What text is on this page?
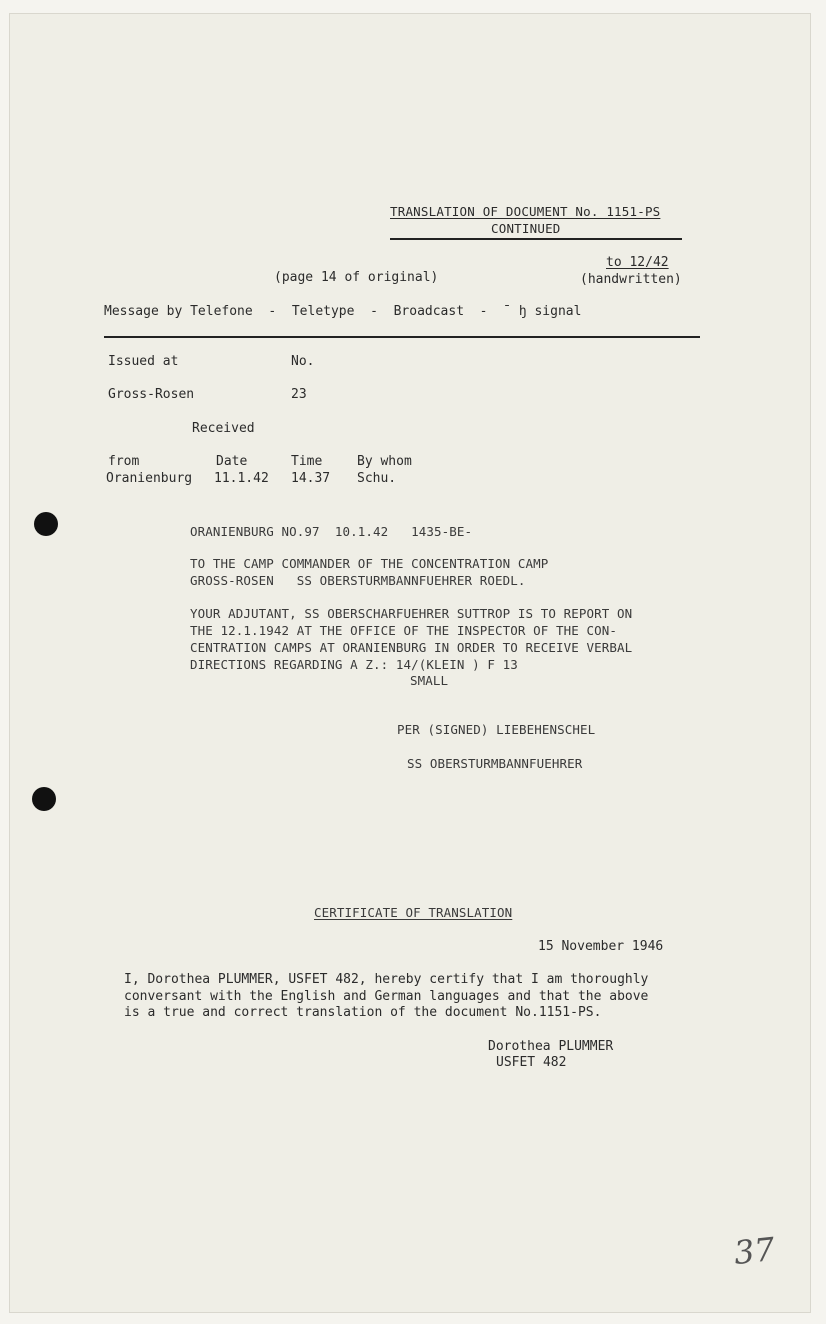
TRANSLATION OF DOCUMENT No. 1151-PS
CONTINUED
to 12/42
(page 14 of original)	(handwritten)
Message by Telefone  -  Teletype  -  Broadcast  -  ˉ ꜧ signal
Issued at	No.
Gross-Rosen	23
Received
from	Date	Time	By whom
Oranienburg 11.1.42 14.37 Schu.
ORANIENBURG NO.97  10.1.42   1435-BE-
TO THE CAMP COMMANDER OF THE CONCENTRATION CAMP
GROSS-ROSEN   SS OBERSTURMBANNFUEHRER ROEDL.
YOUR ADJUTANT, SS OBERSCHARFUEHRER SUTTROP IS TO REPORT ON
THE 12.1.1942 AT THE OFFICE OF THE INSPECTOR OF THE CON-
CENTRATION CAMPS AT ORANIENBURG IN ORDER TO RECEIVE VERBAL
DIRECTIONS REGARDING A Z.: 14/(KLEIN ) F 13
SMALL
PER (SIGNED) LIEBEHENSCHEL
SS OBERSTURMBANNFUEHRER
CERTIFICATE OF TRANSLATION
15 November 1946
I, Dorothea PLUMMER, USFET 482, hereby certify that I am thoroughly
conversant with the English and German languages and that the above
is a true and correct translation of the document No.1151-PS.
Dorothea PLUMMER
USFET 482
37
